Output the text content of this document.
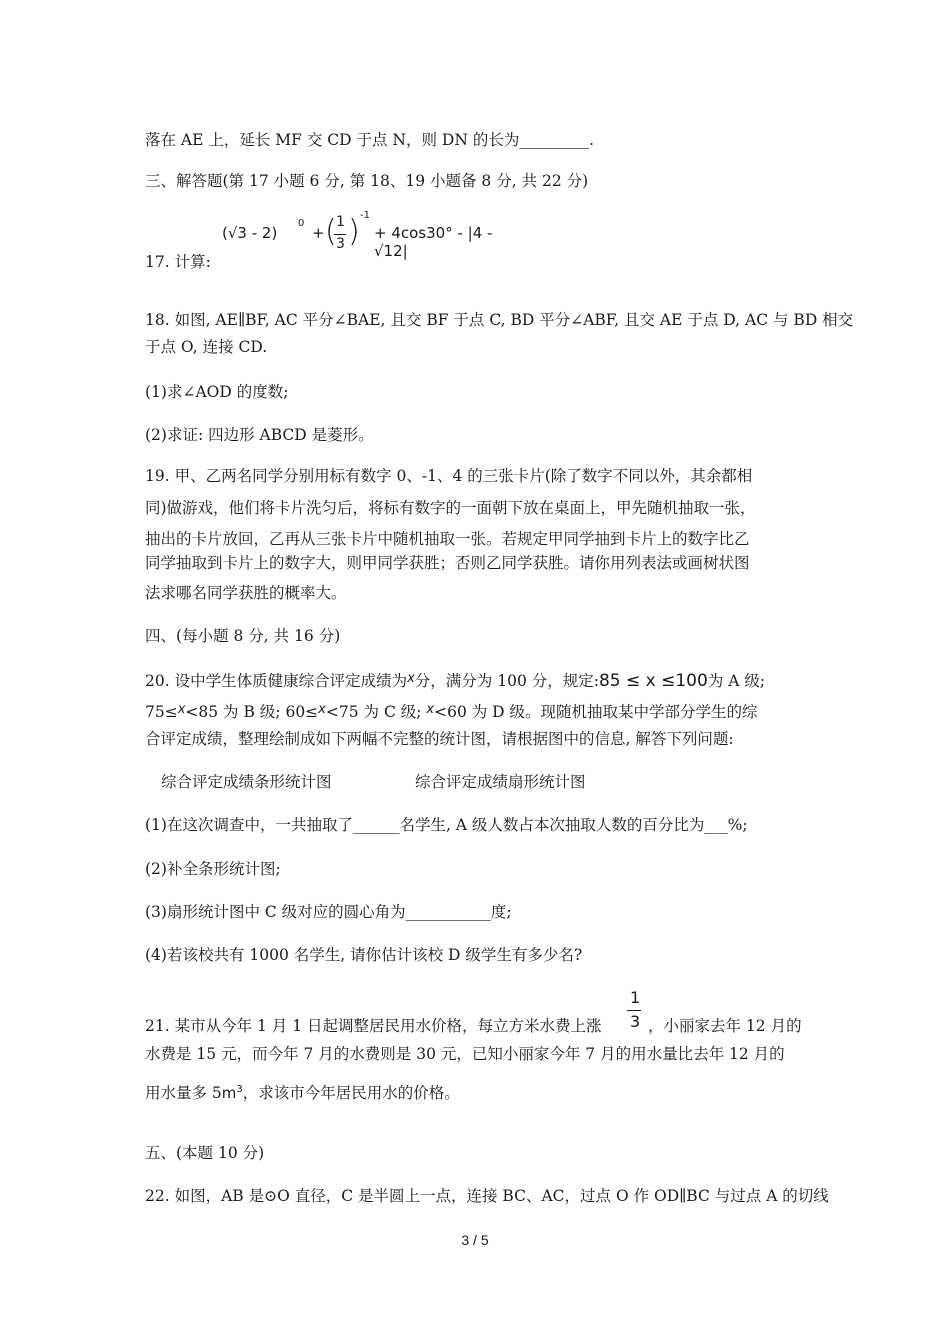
落在 AE 上，延长 MF 交 CD 于点 N，则 DN 的长为_________.
三、解答题(第 17 小题 6 分, 第 18、19 小题备 8 分, 共 22 分)
17. 计算:
(√3 - 2)
0
+ ( 1
3 ) -1
+ 4cos30° - |4 - √12|
18. 如图, AE∥BF, AC 平分∠BAE, 且交 BF 于点 C, BD 平分∠ABF, 且交 AE 于点 D, AC 与 BD 相交
于点 O, 连接 CD.
(1)求∠AOD 的度数;
(2)求证: 四边形 ABCD 是菱形。
19. 甲、乙两名同学分别用标有数字 0、-1、4 的三张卡片(除了数字不同以外，其余都相
同)做游戏，他们将卡片洗匀后，将标有数字的一面朝下放在桌面上，甲先随机抽取一张，
抽出的卡片放回，乙再从三张卡片中随机抽取一张。若规定甲同学抽到卡片上的数字比乙
同学抽取到卡片上的数字大，则甲同学获胜；否则乙同学获胜。请你用列表法或画树状图
法求哪名同学获胜的概率大。
四、(每小题 8 分, 共 16 分)
20. 设中学生体质健康综合评定成绩为$^x$分，满分为 100 分，规定:85 ≤ x ≤100为 A 级;
75≤$^x$<85 为 B 级; 60≤$^x$<75 为 C 级; $^x$<60 为 D 级。现随机抽取某中学部分学生的综
合评定成绩，整理绘制成如下两幅不完整的统计图，请根据图中的信息, 解答下列问题:
综合评定成绩条形统计图	综合评定成绩扇形统计图
(1)在这次调查中，一共抽取了______名学生, A 级人数占本次抽取人数的百分比为___%;
(2)补全条形统计图;
(3)扇形统计图中 C 级对应的圆心角为___________度;
(4)若该校共有 1000 名学生, 请你估计该校 D 级学生有多少名?
1
3
21. 某市从今年 1 月 1 日起调整居民用水价格，每立方米水费上涨	，小丽家去年 12 月的
水费是 15 元，而今年 7 月的水费则是 30 元，已知小丽家今年 7 月的用水量比去年 12 月的
用水量多 $5m^3$，求该市今年居民用水的价格。
五、(本题 10 分)
22. 如图，AB 是⊙O 直径，C 是半圆上一点，连接 BC、AC，过点 O 作 OD∥BC 与过点 A 的切线
3 / 5
